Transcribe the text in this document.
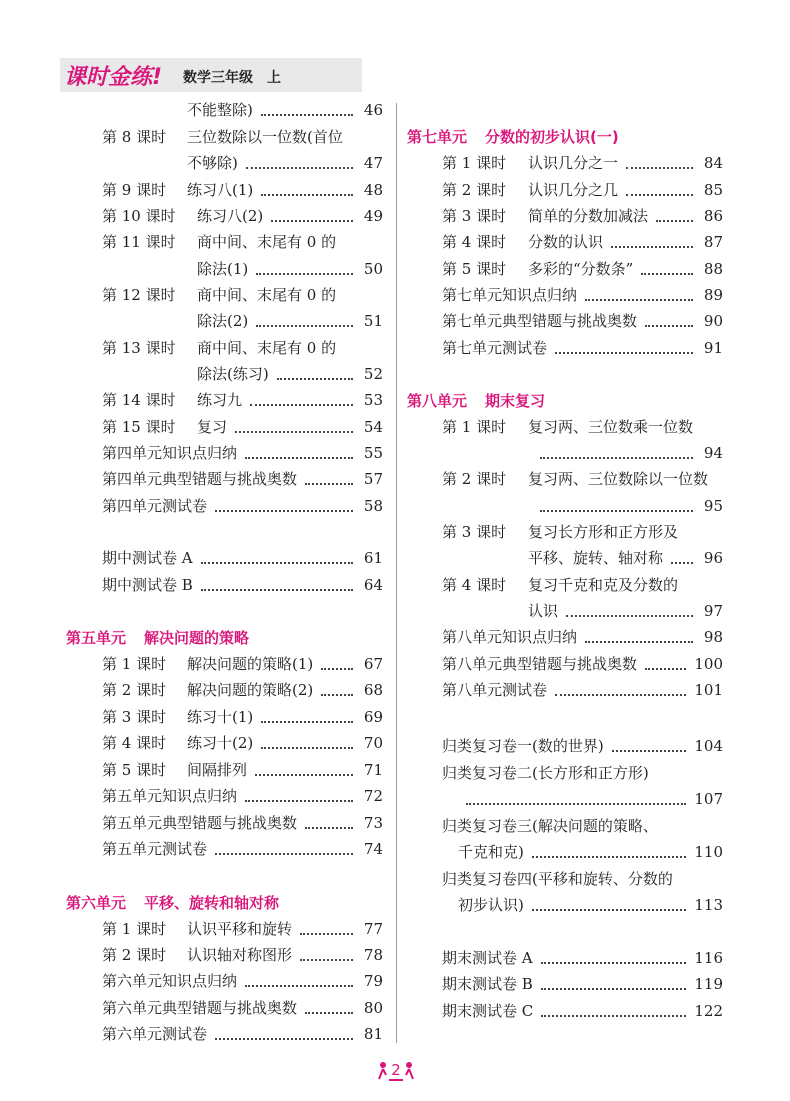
课时金练! 数学三年级　上
不能整除)	46
第 8 课时	三位数除以一位数(首位
不够除)	47
第 9 课时	练习八(1)	48
第 10 课时	练习八(2)	49
第 11 课时	商中间、末尾有 0 的
除法(1)	50
第 12 课时	商中间、末尾有 0 的
除法(2)	51
第 13 课时	商中间、末尾有 0 的
除法(练习)	52
第 14 课时	练习九	53
第 15 课时	复习	54
第四单元知识点归纳	55
第四单元典型错题与挑战奥数	57
第四单元测试卷	58
期中测试卷 A	61
期中测试卷 B	64
第五单元 解决问题的策略
第 1 课时	解决问题的策略(1)	67
第 2 课时	解决问题的策略(2)	68
第 3 课时	练习十(1)	69
第 4 课时	练习十(2)	70
第 5 课时	间隔排列	71
第五单元知识点归纳	72
第五单元典型错题与挑战奥数	73
第五单元测试卷	74
第六单元 平移、旋转和轴对称
第 1 课时	认识平移和旋转	77
第 2 课时	认识轴对称图形	78
第六单元知识点归纳	79
第六单元典型错题与挑战奥数	80
第六单元测试卷	81
第七单元 分数的初步认识(一)
第 1 课时	认识几分之一	84
第 2 课时	认识几分之几	85
第 3 课时	简单的分数加减法	86
第 4 课时	分数的认识	87
第 5 课时	多彩的“分数条”	88
第七单元知识点归纳	89
第七单元典型错题与挑战奥数	90
第七单元测试卷	91
第八单元 期末复习
第 1 课时	复习两、三位数乘一位数
94
第 2 课时	复习两、三位数除以一位数
95
第 3 课时	复习长方形和正方形及
平移、旋转、轴对称	96
第 4 课时	复习千克和克及分数的
认识	97
第八单元知识点归纳	98
第八单元典型错题与挑战奥数	100
第八单元测试卷	101
归类复习卷一(数的世界)	104
归类复习卷二(长方形和正方形)
107
归类复习卷三(解决问题的策略、
千克和克)	110
归类复习卷四(平移和旋转、分数的
初步认识)	113
期末测试卷 A	116
期末测试卷 B	119
期末测试卷 C	122
2
